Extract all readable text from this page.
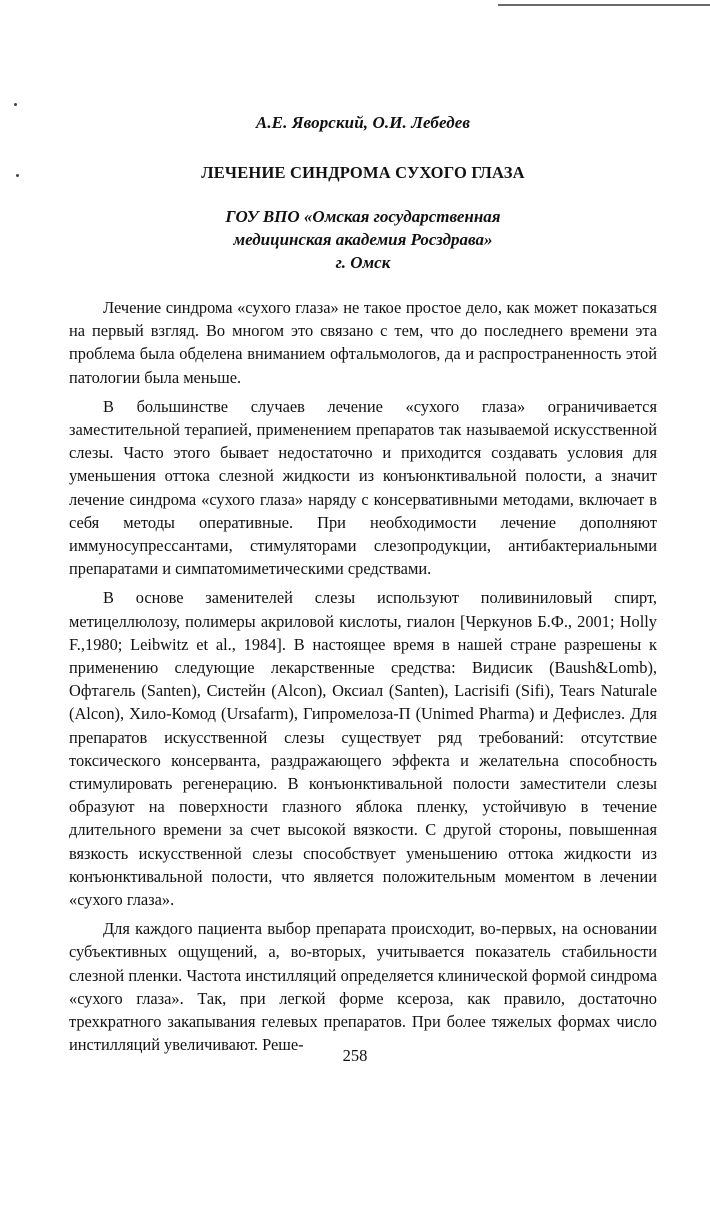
А.Е. Яворский, О.И. Лебедев
ЛЕЧЕНИЕ СИНДРОМА СУХОГО ГЛАЗА
ГОУ ВПО «Омская государственная
медицинская академия Росздрава»
г. Омск

Лечение синдрома «сухого глаза» не такое простое дело, как может показаться на первый взгляд. Во многом это связано с тем, что до последнего времени эта проблема была обделена вниманием офтальмологов, да и распространенность этой патологии была меньше.

В большинстве случаев лечение «сухого глаза» ограничивается заместительной терапией, применением препаратов так называемой искусственной слезы. Часто этого бывает недостаточно и приходится создавать условия для уменьшения оттока слезной жидкости из конъюнктивальной полости, а значит лечение синдрома «сухого глаза» наряду с консервативными методами, включает в себя методы оперативные. При необходимости лечение дополняют иммуносупрессантами, стимуляторами слезопродукции, антибактериальными препаратами и симпатомиметическими средствами.

В основе заменителей слезы используют поливиниловый спирт, метицеллюлозу, полимеры акриловой кислоты, гиалон [Черкунов Б.Ф., 2001; Holly F.,1980; Leibwitz et al., 1984]. В настоящее время в нашей стране разрешены к применению следующие лекарственные средства: Видисик (Baush&Lomb), Офтагель (Santen), Систейн (Alcon), Оксиал (Santen), Lacrisifi (Sifi), Tears Naturale (Alcon), Хило-Комод (Ursafarm), Гипромелоза-П (Unimed Pharma) и Дефислез. Для препаратов искусственной слезы существует ряд требований: отсутствие токсического консерванта, раздражающего эффекта и желательна способность стимулировать регенерацию. В конъюнктивальной полости заместители слезы образуют на поверхности глазного яблока пленку, устойчивую в течение длительного времени за счет высокой вязкости. С другой стороны, повышенная вязкость искусственной слезы способствует уменьшению оттока жидкости из конъюнктивальной полости, что является положительным моментом в лечении «сухого глаза».

Для каждого пациента выбор препарата происходит, во-первых, на основании субъективных ощущений, а, во-вторых, учитывается показатель стабильности слезной пленки. Частота инстилляций определяется клинической формой синдрома «сухого глаза». Так, при легкой форме ксероза, как правило, достаточно трехкратного закапывания гелевых препаратов. При более тяжелых формах число инстилляций увеличивают. Реше-

258
